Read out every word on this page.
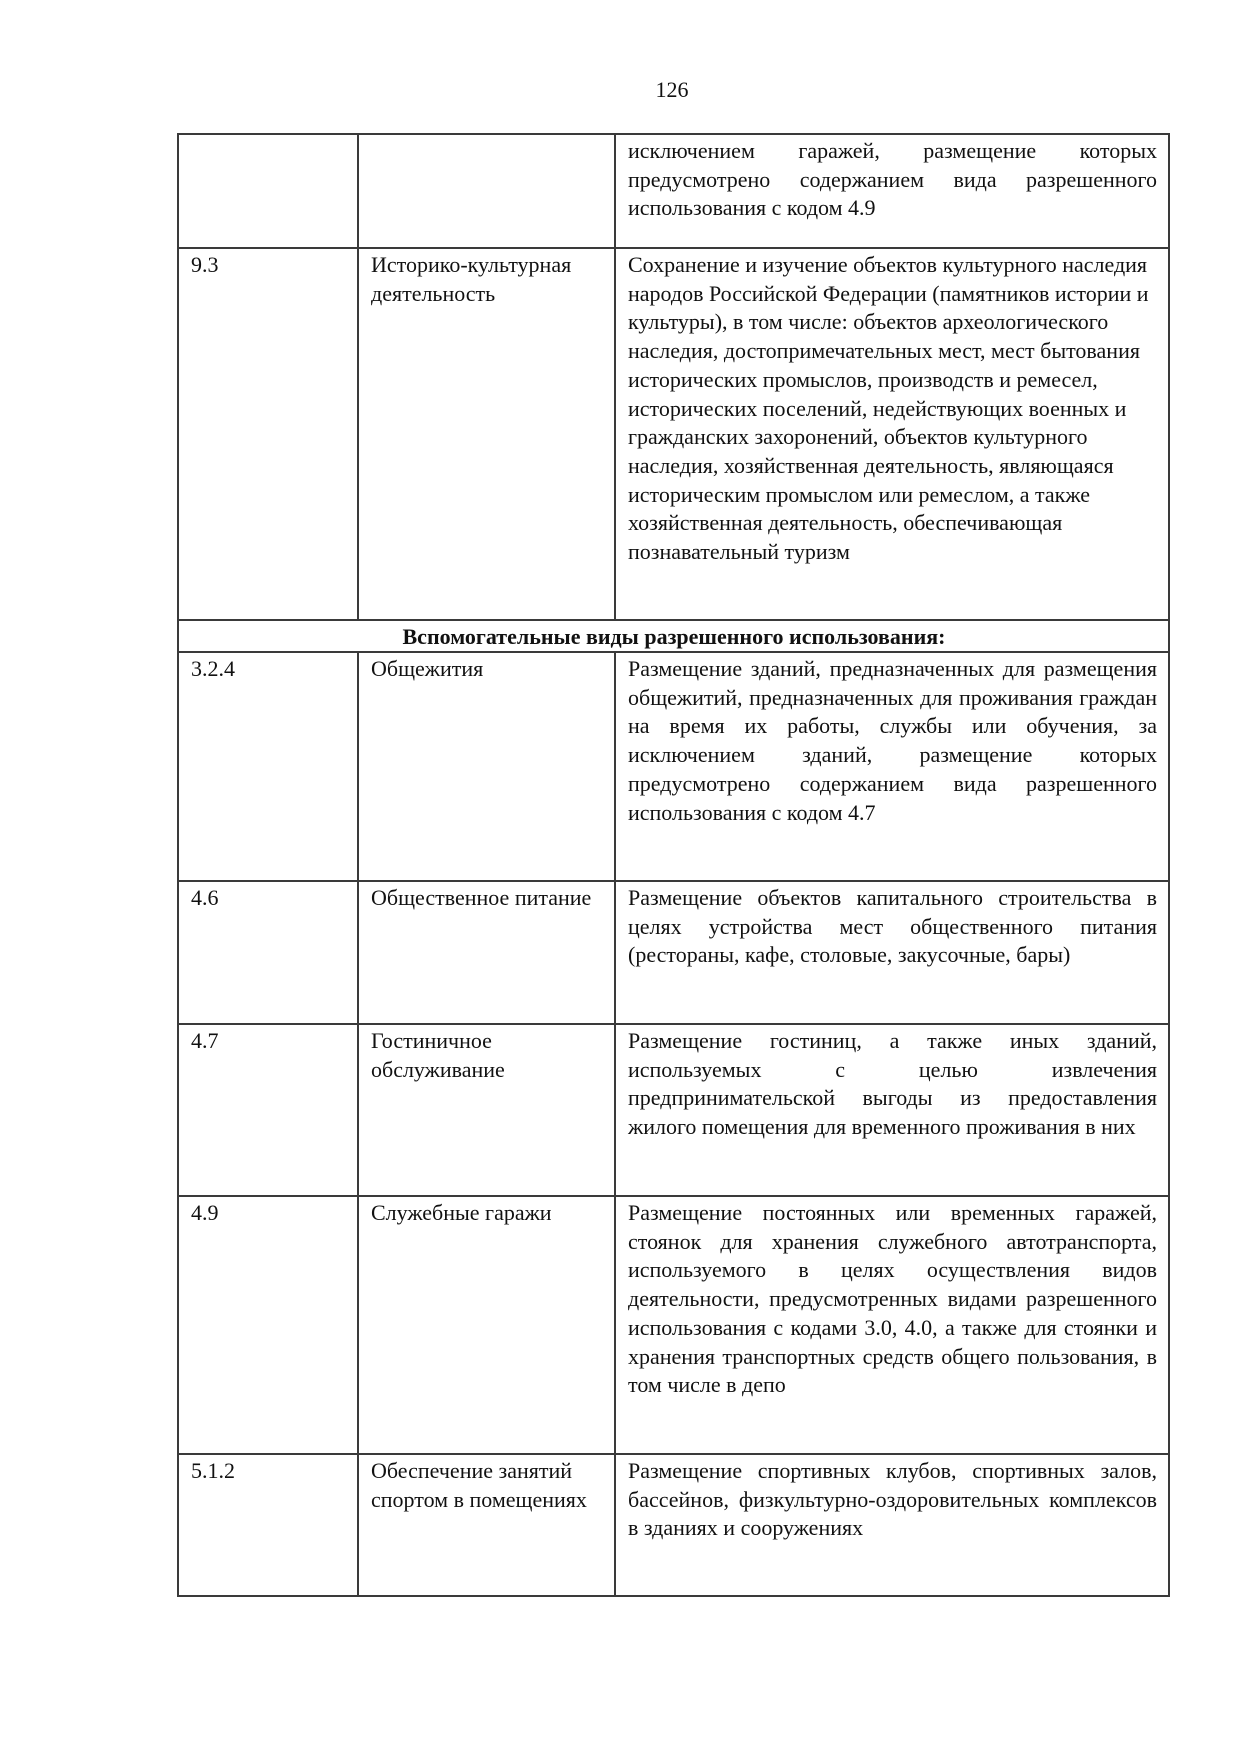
126
		исключением гаражей, размещение которых предусмотрено содержанием вида разрешенного использования с кодом 4.9
9.3	Историко-культурная деятельность	Сохранение и изучение объектов культурного наследия народов Российской Федерации (памятников истории и культуры), в том числе: объектов археологического наследия, достопримечательных мест, мест бытования исторических промыслов, производств и ремесел, исторических поселений, недействующих военных и гражданских захоронений, объектов культурного наследия, хозяйственная деятельность, являющаяся историческим промыслом или ремеслом, а также хозяйственная деятельность, обеспечивающая познавательный туризм
Вспомогательные виды разрешенного использования:		
3.2.4	Общежития	Размещение зданий, предназначенных для размещения общежитий, предназначенных для проживания граждан на время их работы, службы или обучения, за исключением зданий, размещение которых предусмотрено содержанием вида разрешенного использования с кодом 4.7
4.6	Общественное питание	Размещение объектов капитального строительства в целях устройства мест общественного питания (рестораны, кафе, столовые, закусочные, бары)
4.7	Гостиничное обслуживание	Размещение гостиниц, а также иных зданий, используемых с целью извлечения предпринимательской выгоды из предоставления жилого помещения для временного проживания в них
4.9	Служебные гаражи	Размещение постоянных или временных гаражей, стоянок для хранения служебного автотранспорта, используемого в целях осуществления видов деятельности, предусмотренных видами разрешенного использования с кодами 3.0, 4.0, а также для стоянки и хранения транспортных средств общего пользования, в том числе в депо
5.1.2	Обеспечение занятий спортом в помещениях	Размещение спортивных клубов, спортивных залов, бассейнов, физкультурно-оздоровительных комплексов в зданиях и сооружениях
